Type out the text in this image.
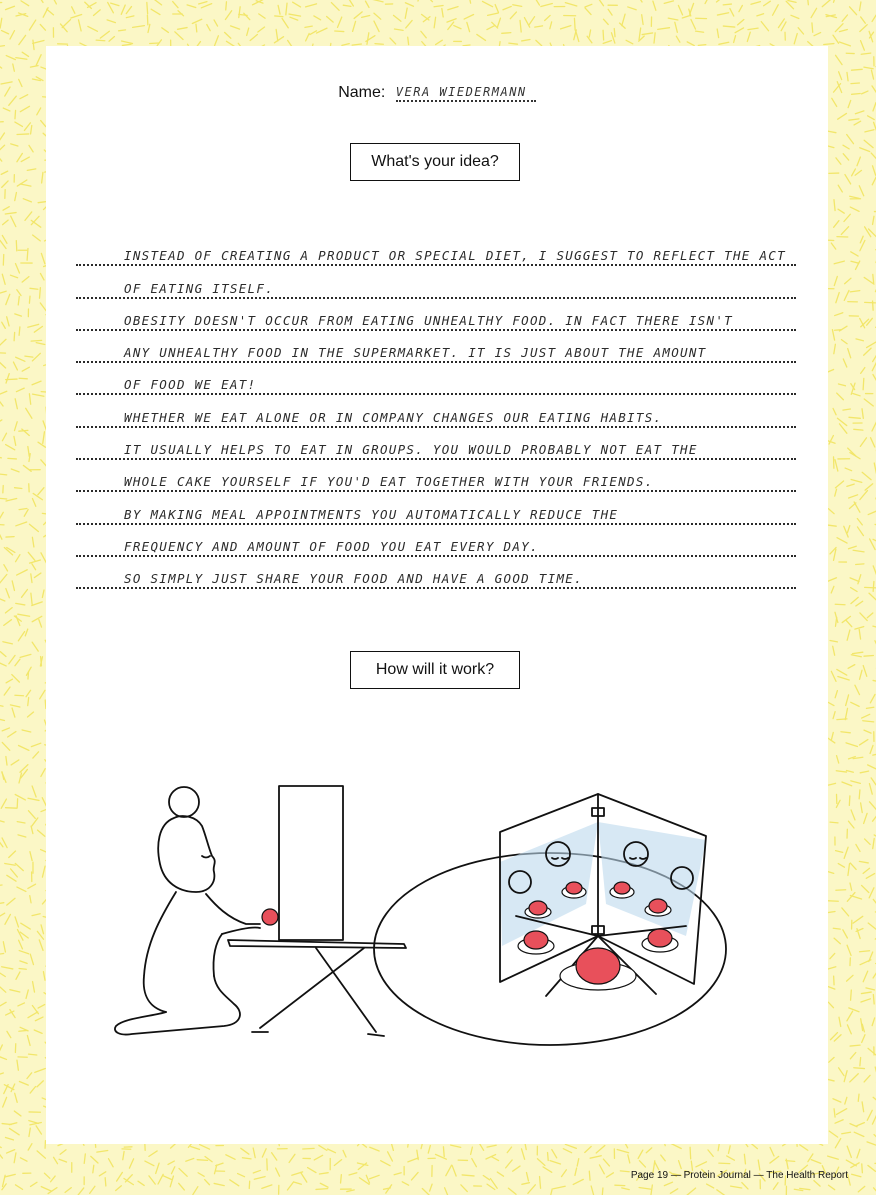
Name: VERA WIEDERMANN
What's your idea?
INSTEAD OF CREATING A PRODUCT OR SPECIAL DIET, I SUGGEST TO REFLECT THE ACT
OF EATING ITSELF.
OBESITY DOESN'T OCCUR FROM EATING UNHEALTHY FOOD. IN FACT THERE ISN'T
ANY UNHEALTHY FOOD IN THE SUPERMARKET. IT IS JUST ABOUT THE AMOUNT
OF FOOD WE EAT!
WHETHER WE EAT ALONE OR IN COMPANY CHANGES OUR EATING HABITS.
IT USUALLY HELPS TO EAT IN GROUPS. YOU WOULD PROBABLY NOT EAT THE
WHOLE CAKE YOURSELF IF YOU'D EAT TOGETHER WITH YOUR FRIENDS.
BY MAKING MEAL APPOINTMENTS YOU AUTOMATICALLY REDUCE THE
FREQUENCY AND AMOUNT OF FOOD YOU EAT EVERY DAY.
SO SIMPLY JUST SHARE YOUR FOOD AND HAVE A GOOD TIME.
How will it work?
Page 19 — Protein Journal — The Health Report
